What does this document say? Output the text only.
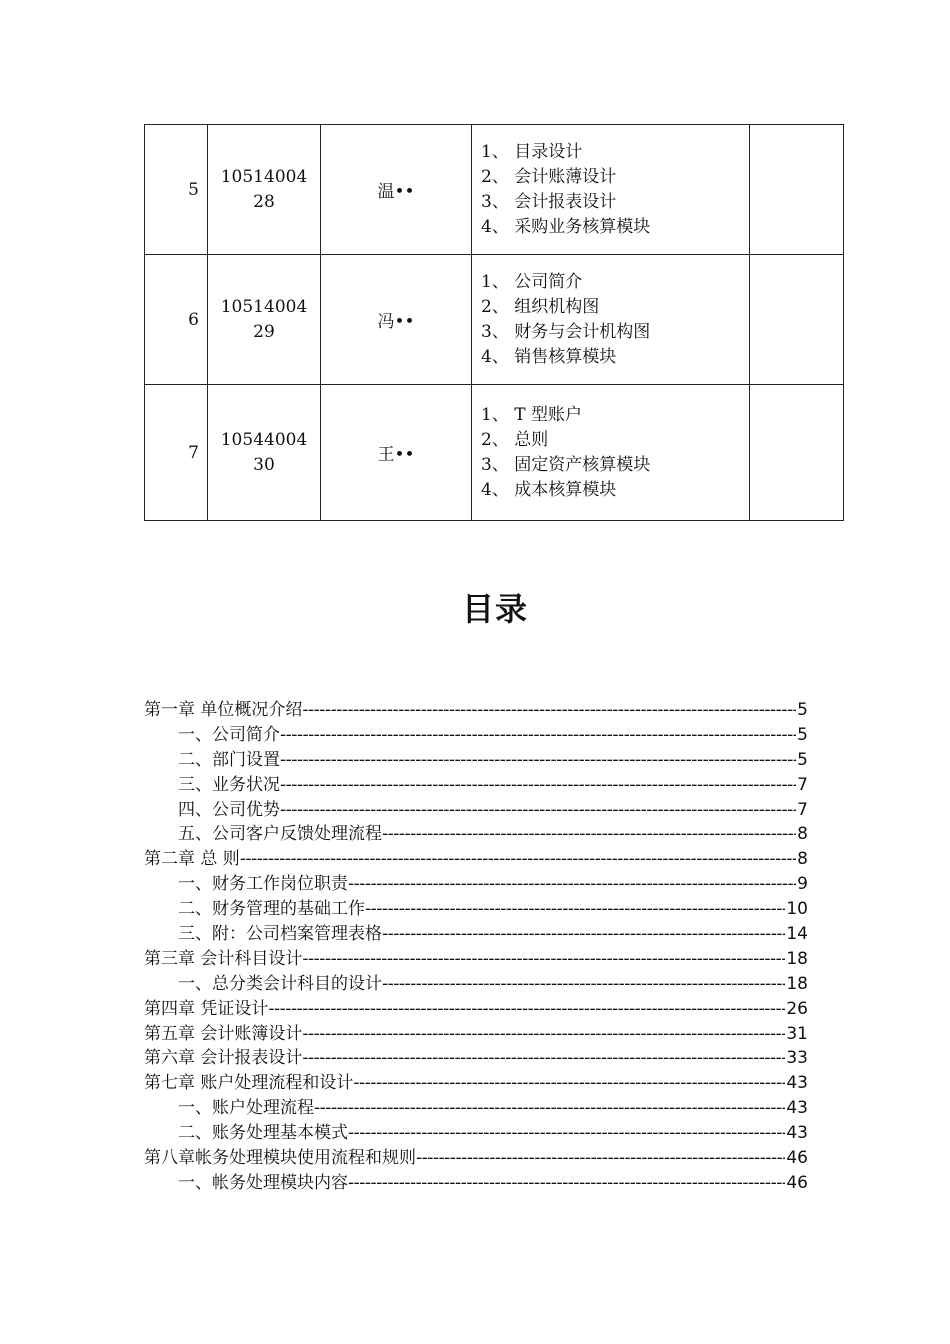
5	1051400428	温••	1、 目录设计
2、 会计账薄设计
3、 会计报表设计
4、 采购业务核算模块	

6	1051400429	冯••	1、 公司简介
2、 组织机构图
3、 财务与会计机构图
4、 销售核算模块	

7	1054400430	王••	1、 T 型账户
2、 总则
3、 固定资产核算模块
4、 成本核算模块	

目录
第一章 单位概况介绍 -----	5
一、公司简介 -----	5
二、部门设置 -----	5
三、业务状况 -----	7
四、公司优势 -----	7
五、公司客户反馈处理流程 -----	8
第二章 总 则 -----	8
一、财务工作岗位职责 -----	9
二、财务管理的基础工作 -----	10
三、附：公司档案管理表格 -----	14
第三章 会计科目设计 -----	18
一、总分类会计科目的设计 -----	18
第四章 凭证设计 -----	26
第五章 会计账簿设计 -----	31
第六章 会计报表设计 -----	33
第七章 账户处理流程和设计 -----	43
一、账户处理流程 -----	43
二、账务处理基本模式 -----	43
第八章帐务处理模块使用流程和规则 -----	46
一、帐务处理模块内容 -----	46
